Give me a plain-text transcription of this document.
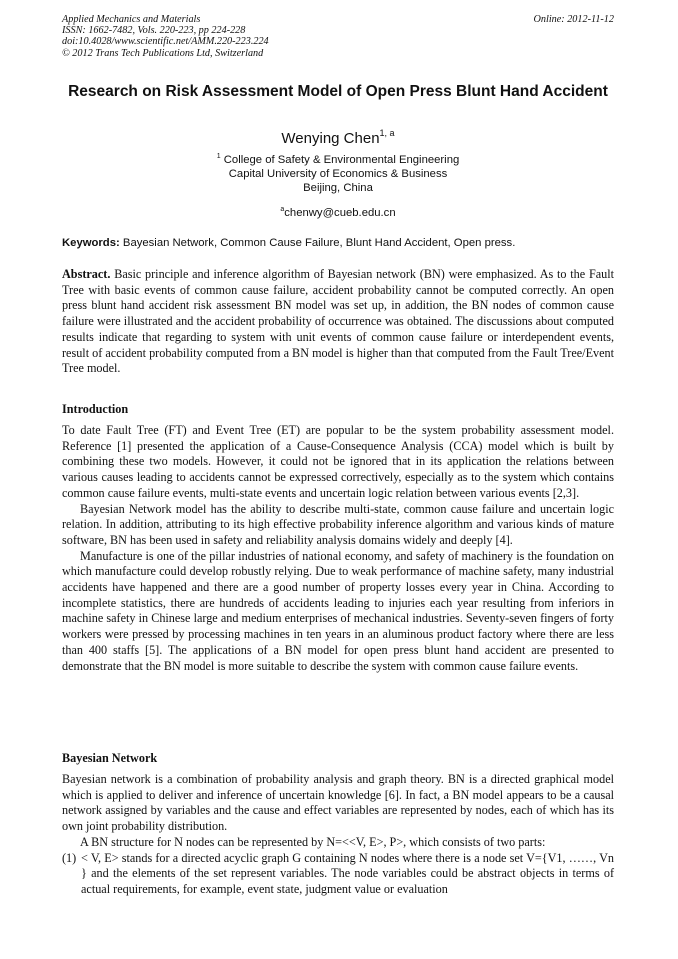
Applied Mechanics and Materials
ISSN: 1662-7482, Vols. 220-223, pp 224-228
doi:10.4028/www.scientific.net/AMM.220-223.224
© 2012 Trans Tech Publications Ltd, Switzerland
Online: 2012-11-12
Research on Risk Assessment Model of Open Press Blunt Hand Accident
Wenying Chen$^{1, a}$
$^1$ College of Safety & Environmental Engineering
Capital University of Economics & Business
Beijing, China
$^a$chenwy@cueb.edu.cn
Keywords: Bayesian Network, Common Cause Failure, Blunt Hand Accident, Open press.

Abstract. Basic principle and inference algorithm of Bayesian network (BN) were emphasized. As to the Fault Tree with basic events of common cause failure, accident probability cannot be computed correctly. An open press blunt hand accident risk assessment BN model was set up, in addition, the BN nodes of common cause failure were illustrated and the accident probability of occurrence was obtained. The discussions about computed results indicate that regarding to system with unit events of common cause failure or interdependent events, result of accident probability computed from a BN model is higher than that computed from the Fault Tree/Event Tree model.

Introduction

To date Fault Tree (FT) and Event Tree (ET) are popular to be the system probability assessment model. Reference [1] presented the application of a Cause-Consequence Analysis (CCA) model which is built by combining these two models. However, it could not be ignored that in its application the relations between various causes leading to accidents cannot be expressed correctively, especially as to the system which contains common cause failure events, multi-state events and uncertain logic relation between various events [2,3].

Bayesian Network model has the ability to describe multi-state, common cause failure and uncertain logic relation. In addition, attributing to its high effective probability inference algorithm and various kinds of mature software, BN has been used in safety and reliability analysis domains widely and deeply [4].

Manufacture is one of the pillar industries of national economy, and safety of machinery is the foundation on which manufacture could develop robustly relying. Due to weak performance of machine safety, many industrial accidents have happened and there are a good number of property losses every year in China. According to incomplete statistics, there are hundreds of accidents leading to injuries each year resulting from inferiors in machine safety in Chinese large and medium enterprises of mechanical industries. Seventy-seven fingers of forty workers were pressed by processing machines in ten years in an aluminous product factory where there are less than 400 staffs [5]. The applications of a BN model for open press blunt hand accident are presented to demonstrate that the BN model is more suitable to describe the system with common cause failure events.

Bayesian Network

Bayesian network is a combination of probability analysis and graph theory. BN is a directed graphical model which is applied to deliver and inference of uncertain knowledge [6]. In fact, a BN model appears to be a causal network assigned by variables and the cause and effect variables are represented by nodes, each of which has its own joint probability distribution.

A BN structure for N nodes can be represented by N=<<V, E>, P>, which consists of two parts:

(1) < V, E> stands for a directed acyclic graph G containing N nodes where there is a node set V={V1, ……, Vn } and the elements of the set represent variables. The node variables could be abstract objects in terms of actual requirements, for example, event state, judgment value or evaluation
